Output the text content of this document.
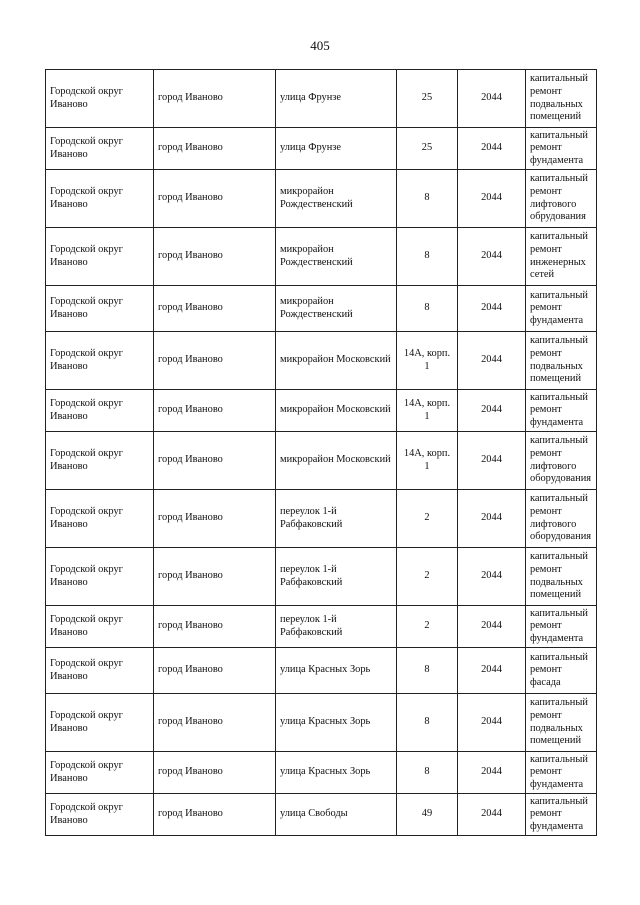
405
Городской округ Иваново	город Иваново	улица Фрунзе	25	2044	капитальный ремонт подвальных помещений
Городской округ Иваново	город Иваново	улица Фрунзе	25	2044	капитальный ремонт фундамента
Городской округ Иваново	город Иваново	микрорайон Рождественский	8	2044	капитальный ремонт лифтового обрудования
Городской округ Иваново	город Иваново	микрорайон Рождественский	8	2044	капитальный ремонт инженерных сетей
Городской округ Иваново	город Иваново	микрорайон Рождественский	8	2044	капитальный ремонт фундамента
Городской округ Иваново	город Иваново	микрорайон Московский	14А, корп. 1	2044	капитальный ремонт подвальных помещений
Городской округ Иваново	город Иваново	микрорайон Московский	14А, корп. 1	2044	капитальный ремонт фундамента
Городской округ Иваново	город Иваново	микрорайон Московский	14А, корп. 1	2044	капитальный ремонт лифтового оборудования
Городской округ Иваново	город Иваново	переулок 1-й Рабфаковский	2	2044	капитальный ремонт лифтового оборудования
Городской округ Иваново	город Иваново	переулок 1-й Рабфаковский	2	2044	капитальный ремонт подвальных помещений
Городской округ Иваново	город Иваново	переулок 1-й Рабфаковский	2	2044	капитальный ремонт фундамента
Городской округ Иваново	город Иваново	улица Красных Зорь	8	2044	капитальный ремонт фасада
Городской округ Иваново	город Иваново	улица Красных Зорь	8	2044	капитальный ремонт подвальных помещений
Городской округ Иваново	город Иваново	улица Красных Зорь	8	2044	капитальный ремонт фундамента
Городской округ Иваново	город Иваново	улица Свободы	49	2044	капитальный ремонт фундамента
